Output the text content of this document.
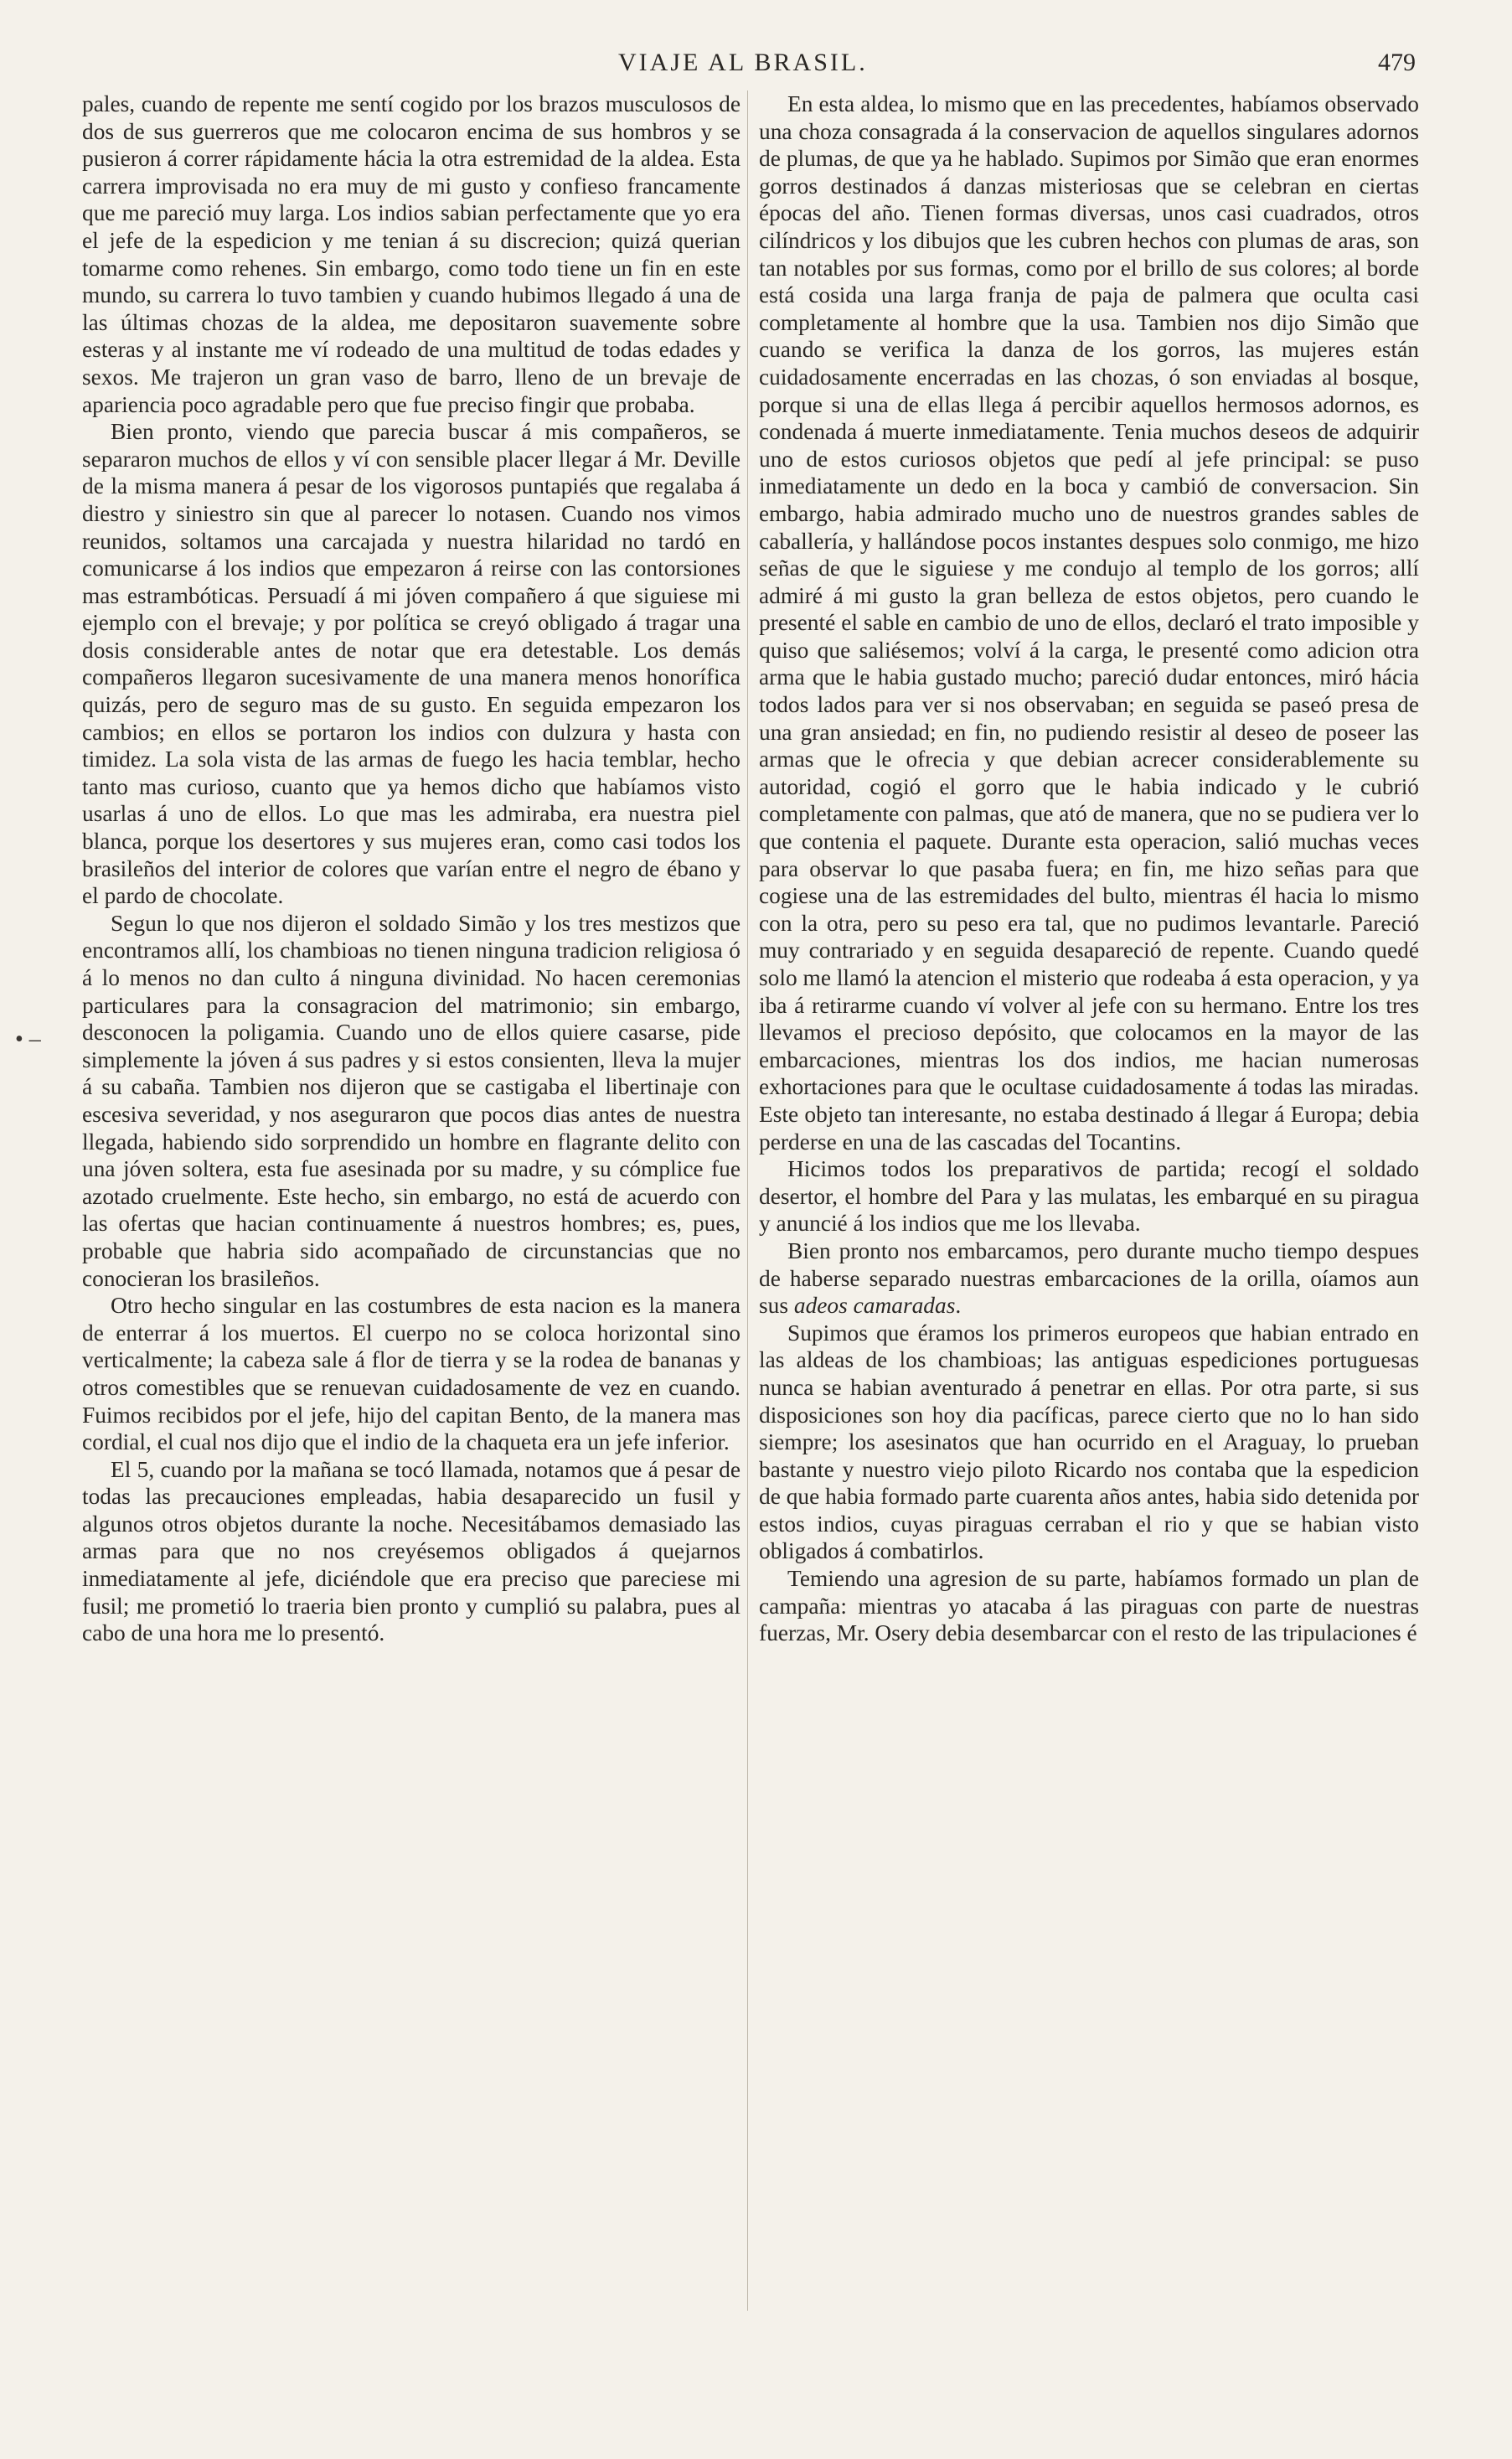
VIAJE AL BRASIL.	479
• –

pales, cuando de repente me sentí cogido por los brazos musculosos de dos de sus guerreros que me colocaron encima de sus hombros y se pusieron á correr rápidamente hácia la otra estremidad de la aldea. Esta carrera improvisada no era muy de mi gusto y confieso francamente que me pareció muy larga. Los indios sabian perfectamente que yo era el jefe de la espedicion y me tenian á su discrecion; quizá querian tomarme como rehenes. Sin embargo, como todo tiene un fin en este mundo, su carrera lo tuvo tambien y cuando hubimos llegado á una de las últimas chozas de la aldea, me depositaron suavemente sobre esteras y al instante me ví rodeado de una multitud de todas edades y sexos. Me trajeron un gran vaso de barro, lleno de un brevaje de apariencia poco agradable pero que fue preciso fingir que probaba.

Bien pronto, viendo que parecia buscar á mis compañeros, se separaron muchos de ellos y ví con sensible placer llegar á Mr. Deville de la misma manera á pesar de los vigorosos puntapiés que regalaba á diestro y siniestro sin que al parecer lo notasen. Cuando nos vimos reunidos, soltamos una carcajada y nuestra hilaridad no tardó en comunicarse á los indios que empezaron á reirse con las contorsiones mas estrambóticas. Persuadí á mi jóven compañero á que siguiese mi ejemplo con el brevaje; y por política se creyó obligado á tragar una dosis considerable antes de notar que era detestable. Los demás compañeros llegaron sucesivamente de una manera menos honorífica quizás, pero de seguro mas de su gusto. En seguida empezaron los cambios; en ellos se portaron los indios con dulzura y hasta con timidez. La sola vista de las armas de fuego les hacia temblar, hecho tanto mas curioso, cuanto que ya hemos dicho que habíamos visto usarlas á uno de ellos. Lo que mas les admiraba, era nuestra piel blanca, porque los desertores y sus mujeres eran, como casi todos los brasileños del interior de colores que varían entre el negro de ébano y el pardo de chocolate.

Segun lo que nos dijeron el soldado Simão y los tres mestizos que encontramos allí, los chambioas no tienen ninguna tradicion religiosa ó á lo menos no dan culto á ninguna divinidad. No hacen ceremonias particulares para la consagracion del matrimonio; sin embargo, desconocen la poligamia. Cuando uno de ellos quiere casarse, pide simplemente la jóven á sus padres y si estos consienten, lleva la mujer á su cabaña. Tambien nos dijeron que se castigaba el libertinaje con escesiva severidad, y nos aseguraron que pocos dias antes de nuestra llegada, habiendo sido sorprendido un hombre en flagrante delito con una jóven soltera, esta fue asesinada por su madre, y su cómplice fue azotado cruelmente. Este hecho, sin embargo, no está de acuerdo con las ofertas que hacian continuamente á nuestros hombres; es, pues, probable que habria sido acompañado de circunstancias que no conocieran los brasileños.

Otro hecho singular en las costumbres de esta nacion es la manera de enterrar á los muertos. El cuerpo no se coloca horizontal sino verticalmente; la cabeza sale á flor de tierra y se la rodea de bananas y otros comestibles que se renuevan cuidadosamente de vez en cuando. Fuimos recibidos por el jefe, hijo del capitan Bento, de la manera mas cordial, el cual nos dijo que el indio de la chaqueta era un jefe inferior.

El 5, cuando por la mañana se tocó llamada, notamos que á pesar de todas las precauciones empleadas, habia desaparecido un fusil y algunos otros objetos durante la noche. Necesitábamos demasiado las armas para que no nos creyésemos obligados á quejarnos inmediatamente al jefe, diciéndole que era preciso que pareciese mi fusil; me prometió lo traeria bien pronto y cumplió su palabra, pues al cabo de una hora me lo presentó.

En esta aldea, lo mismo que en las precedentes, habíamos observado una choza consagrada á la conservacion de aquellos singulares adornos de plumas, de que ya he hablado. Supimos por Simão que eran enormes gorros destinados á danzas misteriosas que se celebran en ciertas épocas del año. Tienen formas diversas, unos casi cuadrados, otros cilíndricos y los dibujos que les cubren hechos con plumas de aras, son tan notables por sus formas, como por el brillo de sus colores; al borde está cosida una larga franja de paja de palmera que oculta casi completamente al hombre que la usa. Tambien nos dijo Simão que cuando se verifica la danza de los gorros, las mujeres están cuidadosamente encerradas en las chozas, ó son enviadas al bosque, porque si una de ellas llega á percibir aquellos hermosos adornos, es condenada á muerte inmediatamente. Tenia muchos deseos de adquirir uno de estos curiosos objetos que pedí al jefe principal: se puso inmediatamente un dedo en la boca y cambió de conversacion. Sin embargo, habia admirado mucho uno de nuestros grandes sables de caballería, y hallándose pocos instantes despues solo conmigo, me hizo señas de que le siguiese y me condujo al templo de los gorros; allí admiré á mi gusto la gran belleza de estos objetos, pero cuando le presenté el sable en cambio de uno de ellos, declaró el trato imposible y quiso que saliésemos; volví á la carga, le presenté como adicion otra arma que le habia gustado mucho; pareció dudar entonces, miró hácia todos lados para ver si nos observaban; en seguida se paseó presa de una gran ansiedad; en fin, no pudiendo resistir al deseo de poseer las armas que le ofrecia y que debian acrecer considerablemente su autoridad, cogió el gorro que le habia indicado y le cubrió completamente con palmas, que ató de manera, que no se pudiera ver lo que contenia el paquete. Durante esta operacion, salió muchas veces para observar lo que pasaba fuera; en fin, me hizo señas para que cogiese una de las estremidades del bulto, mientras él hacia lo mismo con la otra, pero su peso era tal, que no pudimos levantarle. Pareció muy contrariado y en seguida desapareció de repente. Cuando quedé solo me llamó la atencion el misterio que rodeaba á esta operacion, y ya iba á retirarme cuando ví volver al jefe con su hermano. Entre los tres llevamos el precioso depósito, que colocamos en la mayor de las embarcaciones, mientras los dos indios, me hacian numerosas exhortaciones para que le ocultase cuidadosamente á todas las miradas. Este objeto tan interesante, no estaba destinado á llegar á Europa; debia perderse en una de las cascadas del Tocantins.

Hicimos todos los preparativos de partida; recogí el soldado desertor, el hombre del Para y las mulatas, les embarqué en su piragua y anuncié á los indios que me los llevaba.

Bien pronto nos embarcamos, pero durante mucho tiempo despues de haberse separado nuestras embarcaciones de la orilla, oíamos aun sus adeos camaradas.

Supimos que éramos los primeros europeos que habian entrado en las aldeas de los chambioas; las antiguas espediciones portuguesas nunca se habian aventurado á penetrar en ellas. Por otra parte, si sus disposiciones son hoy dia pacíficas, parece cierto que no lo han sido siempre; los asesinatos que han ocurrido en el Araguay, lo prueban bastante y nuestro viejo piloto Ricardo nos contaba que la espedicion de que habia formado parte cuarenta años antes, habia sido detenida por estos indios, cuyas piraguas cerraban el rio y que se habian visto obligados á combatirlos.

Temiendo una agresion de su parte, habíamos formado un plan de campaña: mientras yo atacaba á las piraguas con parte de nuestras fuerzas, Mr. Osery debia desembarcar con el resto de las tripulaciones é
